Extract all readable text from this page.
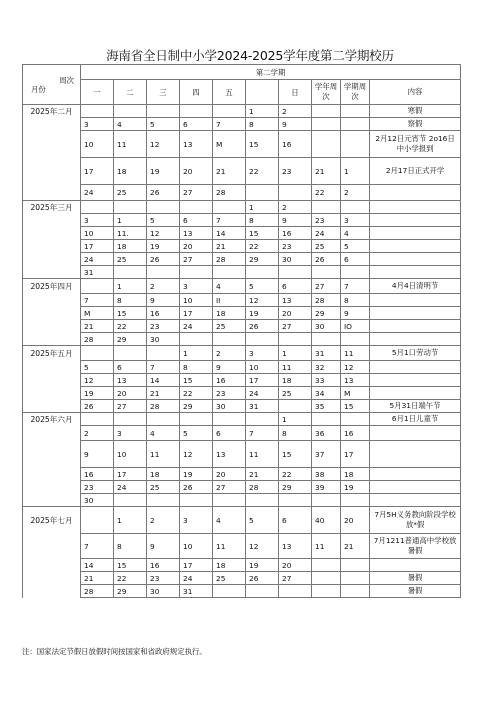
海南省全日制中小学2024-2025学年度第二学期校历
周次
月份	第二学期									
	一	二	三	四	五		日	学年周次	学期周次	内容
2025年二月						1	2			寒假
	3	4	5	6	7	8	9			察假
	10	11	12	13	M	15	16			2月12日元宵节 2o16日中小学报到
	17	18	19	20	21	22	23	21	1	2月17日正式开学
	24	25	26	27	28			22	2	
2025年三月						1	2			
	3	1	5	6	7	8	9	23	3	
	10	11.	12	13	14	15	16	24	4	
	17	18	19	20	21	22	23	25	5	
	24	25	26	27	28	29	30	26	6	
	31									
2025年四月		1	2	3	4	5	6	27	7	4月4日清明节
	7	8	9	10	II	12	13	28	8	
	M	15	16	17	18	19	20	29	9	
	21	22	23	24	25	26	27	30	IO	
	28	29	30							
2025年五月				1	2	3	1	31	11	5月1口劳动节
	5	6	7	8	9	10	11	32	12	
	12	13	14	15	16	17	18	33	13	
	19	20	21	22	23	24	25	34	M	
	26	27	28	29	30	31		35	15	5月31日端午节
2025年六月							1			6月1日儿童节
	2	3	4	5	6	7	8	36	16	
	9	10	11	12	13	11	15	37	17	
	16	17	18	19	20	21	22	38	18	
	23	24	25	26	27	28	29	39	19	
	30									
2025年七月		1	2	3	4	5	6	40	20	7月5H义务教向阶段学校放*假
	7	8	9	10	11	12	13	11	21	7月1211普通高中学校放暑假
	14	15	16	17	18	19	20			
	21	22	23	24	25	26	27			暑假
	28	29	30	31						暑假
注：国家法定节假日放假时间按国家和省政府规定执行。
